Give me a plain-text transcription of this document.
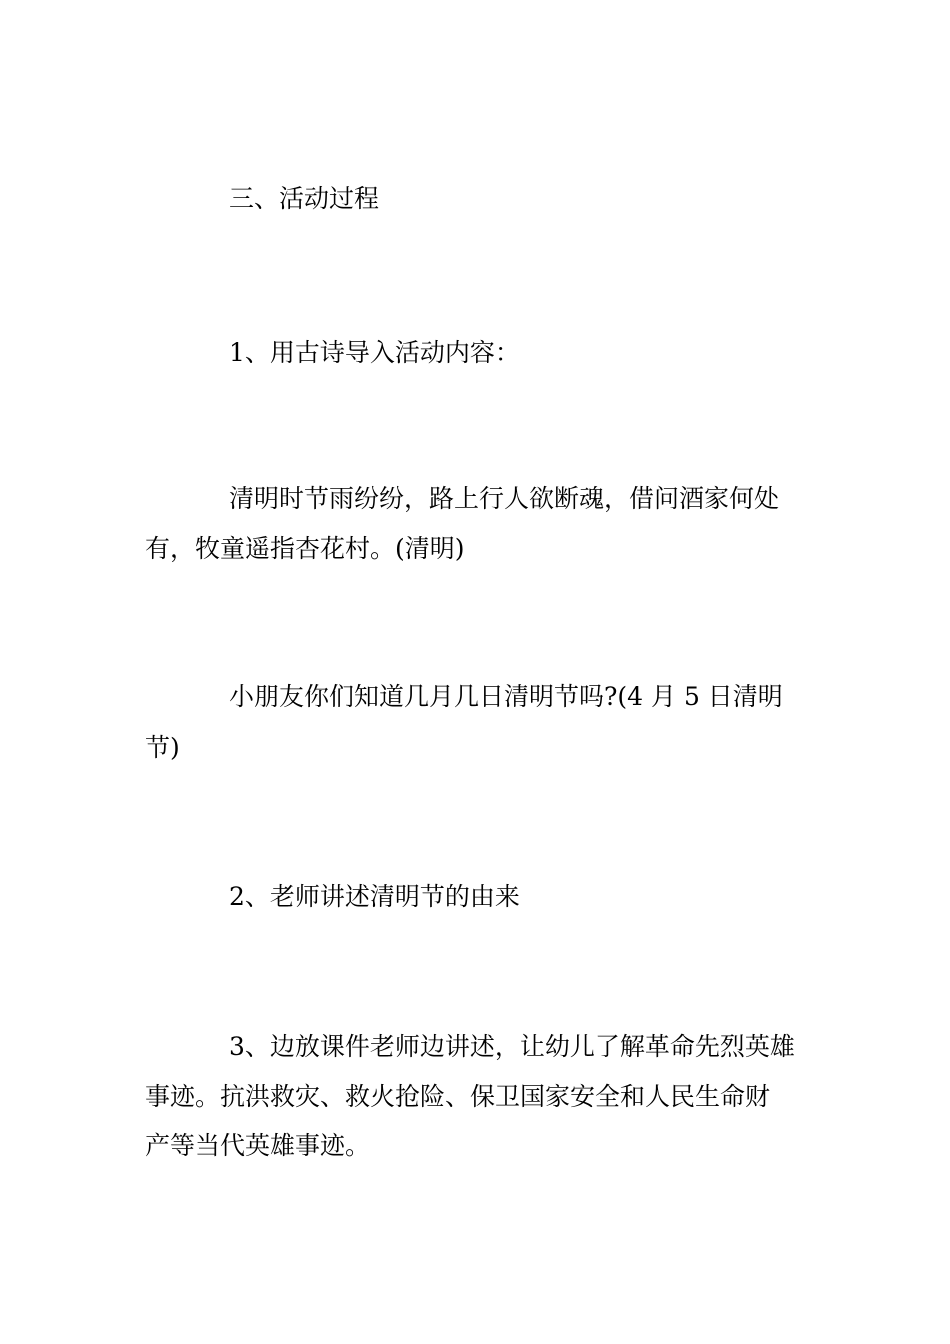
三、活动过程

1、用古诗导入活动内容：

清明时节雨纷纷，路上行人欲断魂，借问酒家何处

有，牧童遥指杏花村。(清明)

小朋友你们知道几月几日清明节吗?(4 月 5 日清明

节)

2、老师讲述清明节的由来

3、边放课件老师边讲述，让幼儿了解革命先烈英雄

事迹。抗洪救灾、救火抢险、保卫国家安全和人民生命财

产等当代英雄事迹。
